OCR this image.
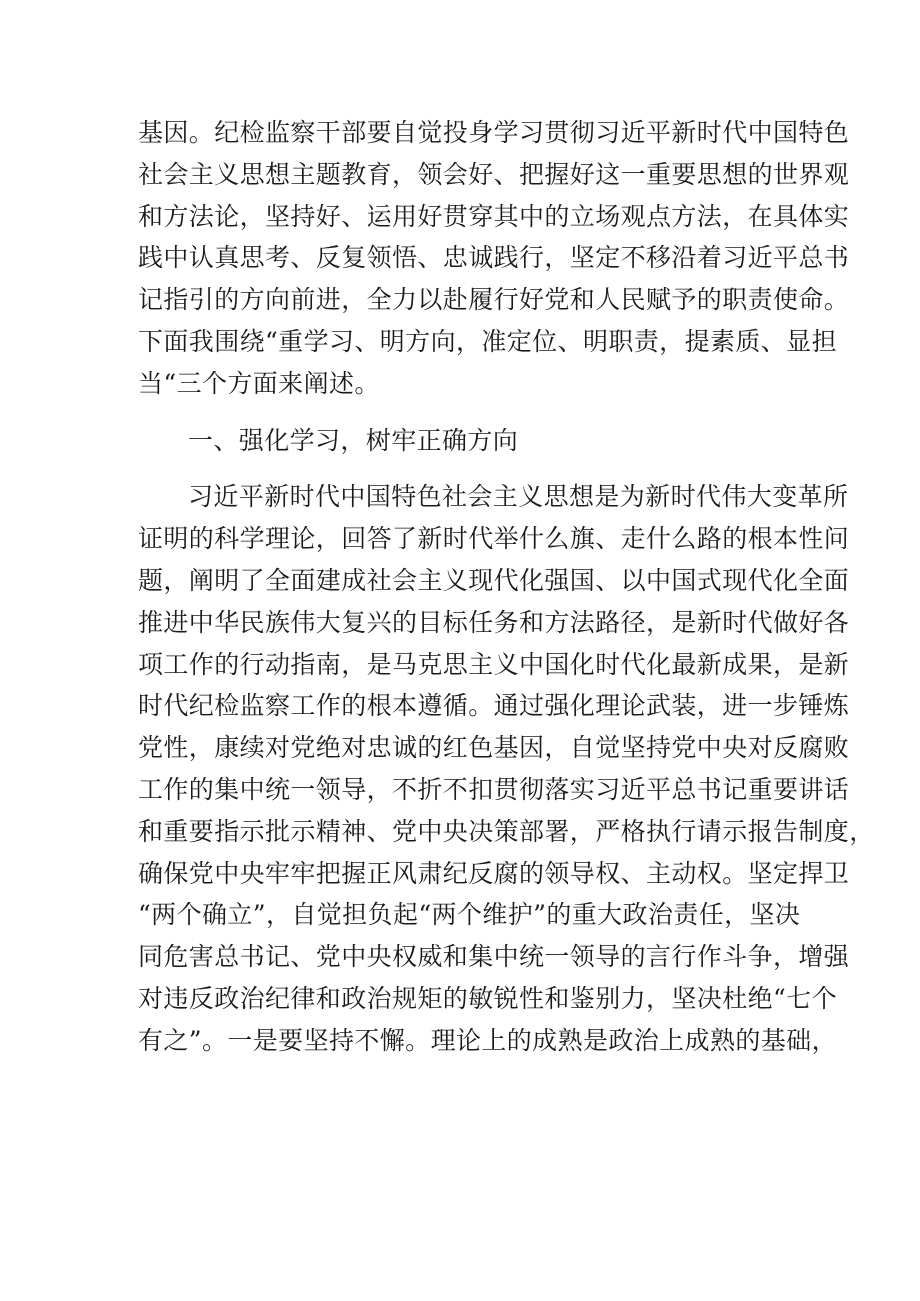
基因。纪检监察干部要自觉投身学习贯彻习近平新时代中国特色
社会主义思想主题教育，领会好、把握好这一重要思想的世界观
和方法论，坚持好、运用好贯穿其中的立场观点方法，在具体实
践中认真思考、反复领悟、忠诚践行，坚定不移沿着习近平总书
记指引的方向前进，全力以赴履行好党和人民赋予的职责使命。
下面我围绕“重学习、明方向，准定位、明职责，提素质、显担
当“三个方面来阐述。
一、强化学习，树牢正确方向
习近平新时代中国特色社会主义思想是为新时代伟大变革所
证明的科学理论，回答了新时代举什么旗、走什么路的根本性问
题，阐明了全面建成社会主义现代化强国、以中国式现代化全面
推进中华民族伟大复兴的目标任务和方法路径，是新时代做好各
项工作的行动指南，是马克思主义中国化时代化最新成果，是新
时代纪检监察工作的根本遵循。通过强化理论武装，进一步锤炼
党性，康续对党绝对忠诚的红色基因，自觉坚持党中央对反腐败
工作的集中统一领导，不折不扣贯彻落实习近平总书记重要讲话
和重要指示批示精神、党中央决策部署，严格执行请示报告制度，
确保党中央牢牢把握正风肃纪反腐的领导权、主动权。坚定捍卫
“两个确立”，自觉担负起“两个维护”的重大政治责任，坚决
同危害总书记、党中央权威和集中统一领导的言行作斗争，增强
对违反政治纪律和政治规矩的敏锐性和鉴别力，坚决杜绝“七个
有之”。一是要坚持不懈。理论上的成熟是政治上成熟的基础，
